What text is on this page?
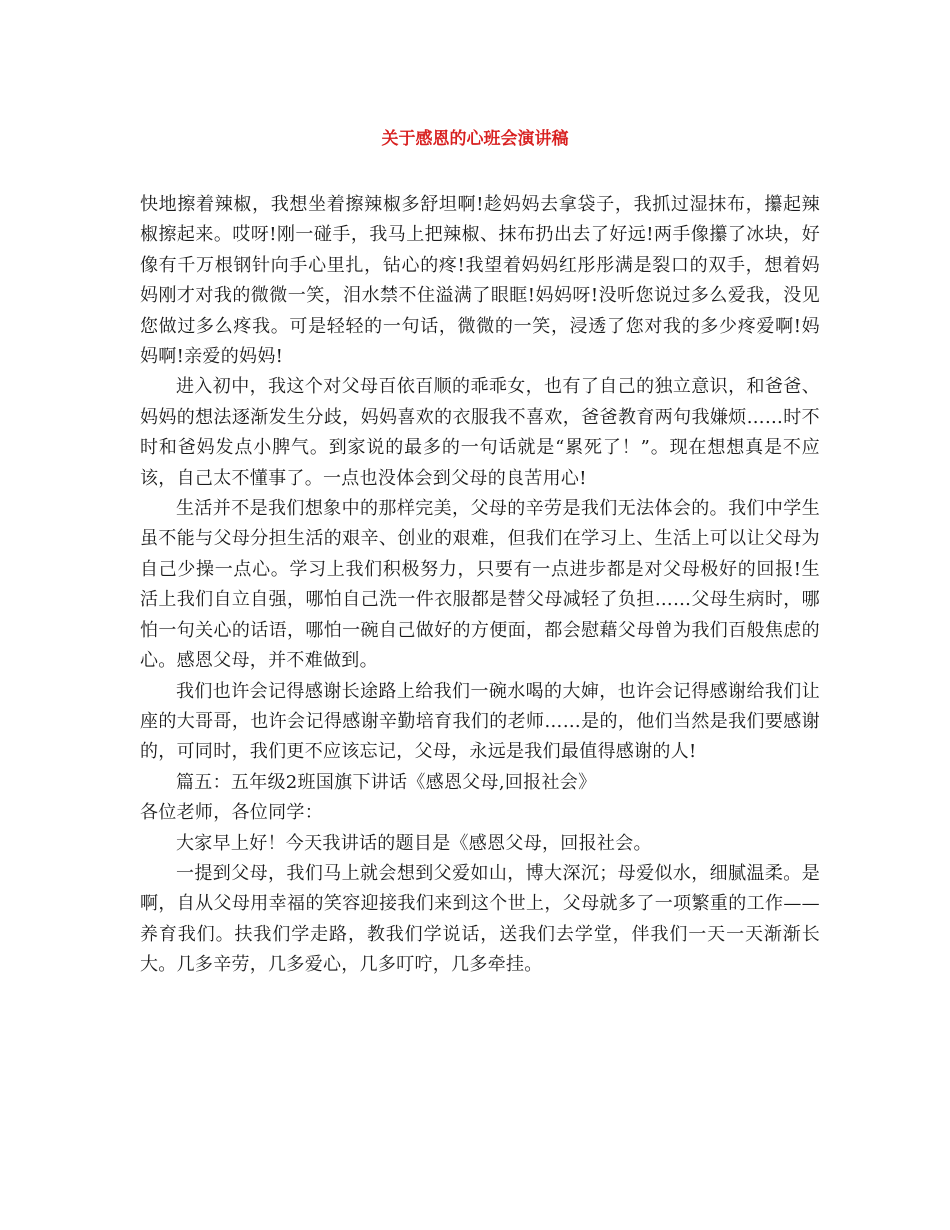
关于感恩的心班会演讲稿

快地擦着辣椒，我想坐着擦辣椒多舒坦啊!趁妈妈去拿袋子，我抓过湿抹布，攥起辣椒擦起来。哎呀!刚一碰手，我马上把辣椒、抹布扔出去了好远!两手像攥了冰块，好像有千万根钢针向手心里扎，钻心的疼!我望着妈妈红彤彤满是裂口的双手，想着妈妈刚才对我的微微一笑，泪水禁不住溢满了眼眶!妈妈呀!没听您说过多么爱我，没见您做过多么疼我。可是轻轻的一句话，微微的一笑，浸透了您对我的多少疼爱啊!妈妈啊!亲爱的妈妈!

进入初中，我这个对父母百依百顺的乖乖女，也有了自己的独立意识，和爸爸、妈妈的想法逐渐发生分歧，妈妈喜欢的衣服我不喜欢，爸爸教育两句我嫌烦……时不时和爸妈发点小脾气。到家说的最多的一句话就是“累死了！”。现在想想真是不应该，自己太不懂事了。一点也没体会到父母的良苦用心!

生活并不是我们想象中的那样完美，父母的辛劳是我们无法体会的。我们中学生虽不能与父母分担生活的艰辛、创业的艰难，但我们在学习上、生活上可以让父母为自己少操一点心。学习上我们积极努力，只要有一点进步都是对父母极好的回报!生活上我们自立自强，哪怕自己洗一件衣服都是替父母减轻了负担……父母生病时，哪怕一句关心的话语，哪怕一碗自己做好的方便面，都会慰藉父母曾为我们百般焦虑的心。感恩父母，并不难做到。

我们也许会记得感谢长途路上给我们一碗水喝的大婶，也许会记得感谢给我们让座的大哥哥，也许会记得感谢辛勤培育我们的老师……是的，他们当然是我们要感谢的，可同时，我们更不应该忘记，父母，永远是我们最值得感谢的人!

篇五：五年级2班国旗下讲话《感恩父母,回报社会》

各位老师，各位同学：

大家早上好！今天我讲话的题目是《感恩父母，回报社会。

一提到父母，我们马上就会想到父爱如山，博大深沉；母爱似水，细腻温柔。是啊，自从父母用幸福的笑容迎接我们来到这个世上，父母就多了一项繁重的工作——养育我们。扶我们学走路，教我们学说话，送我们去学堂，伴我们一天一天渐渐长大。几多辛劳，几多爱心，几多叮咛，几多牵挂。
